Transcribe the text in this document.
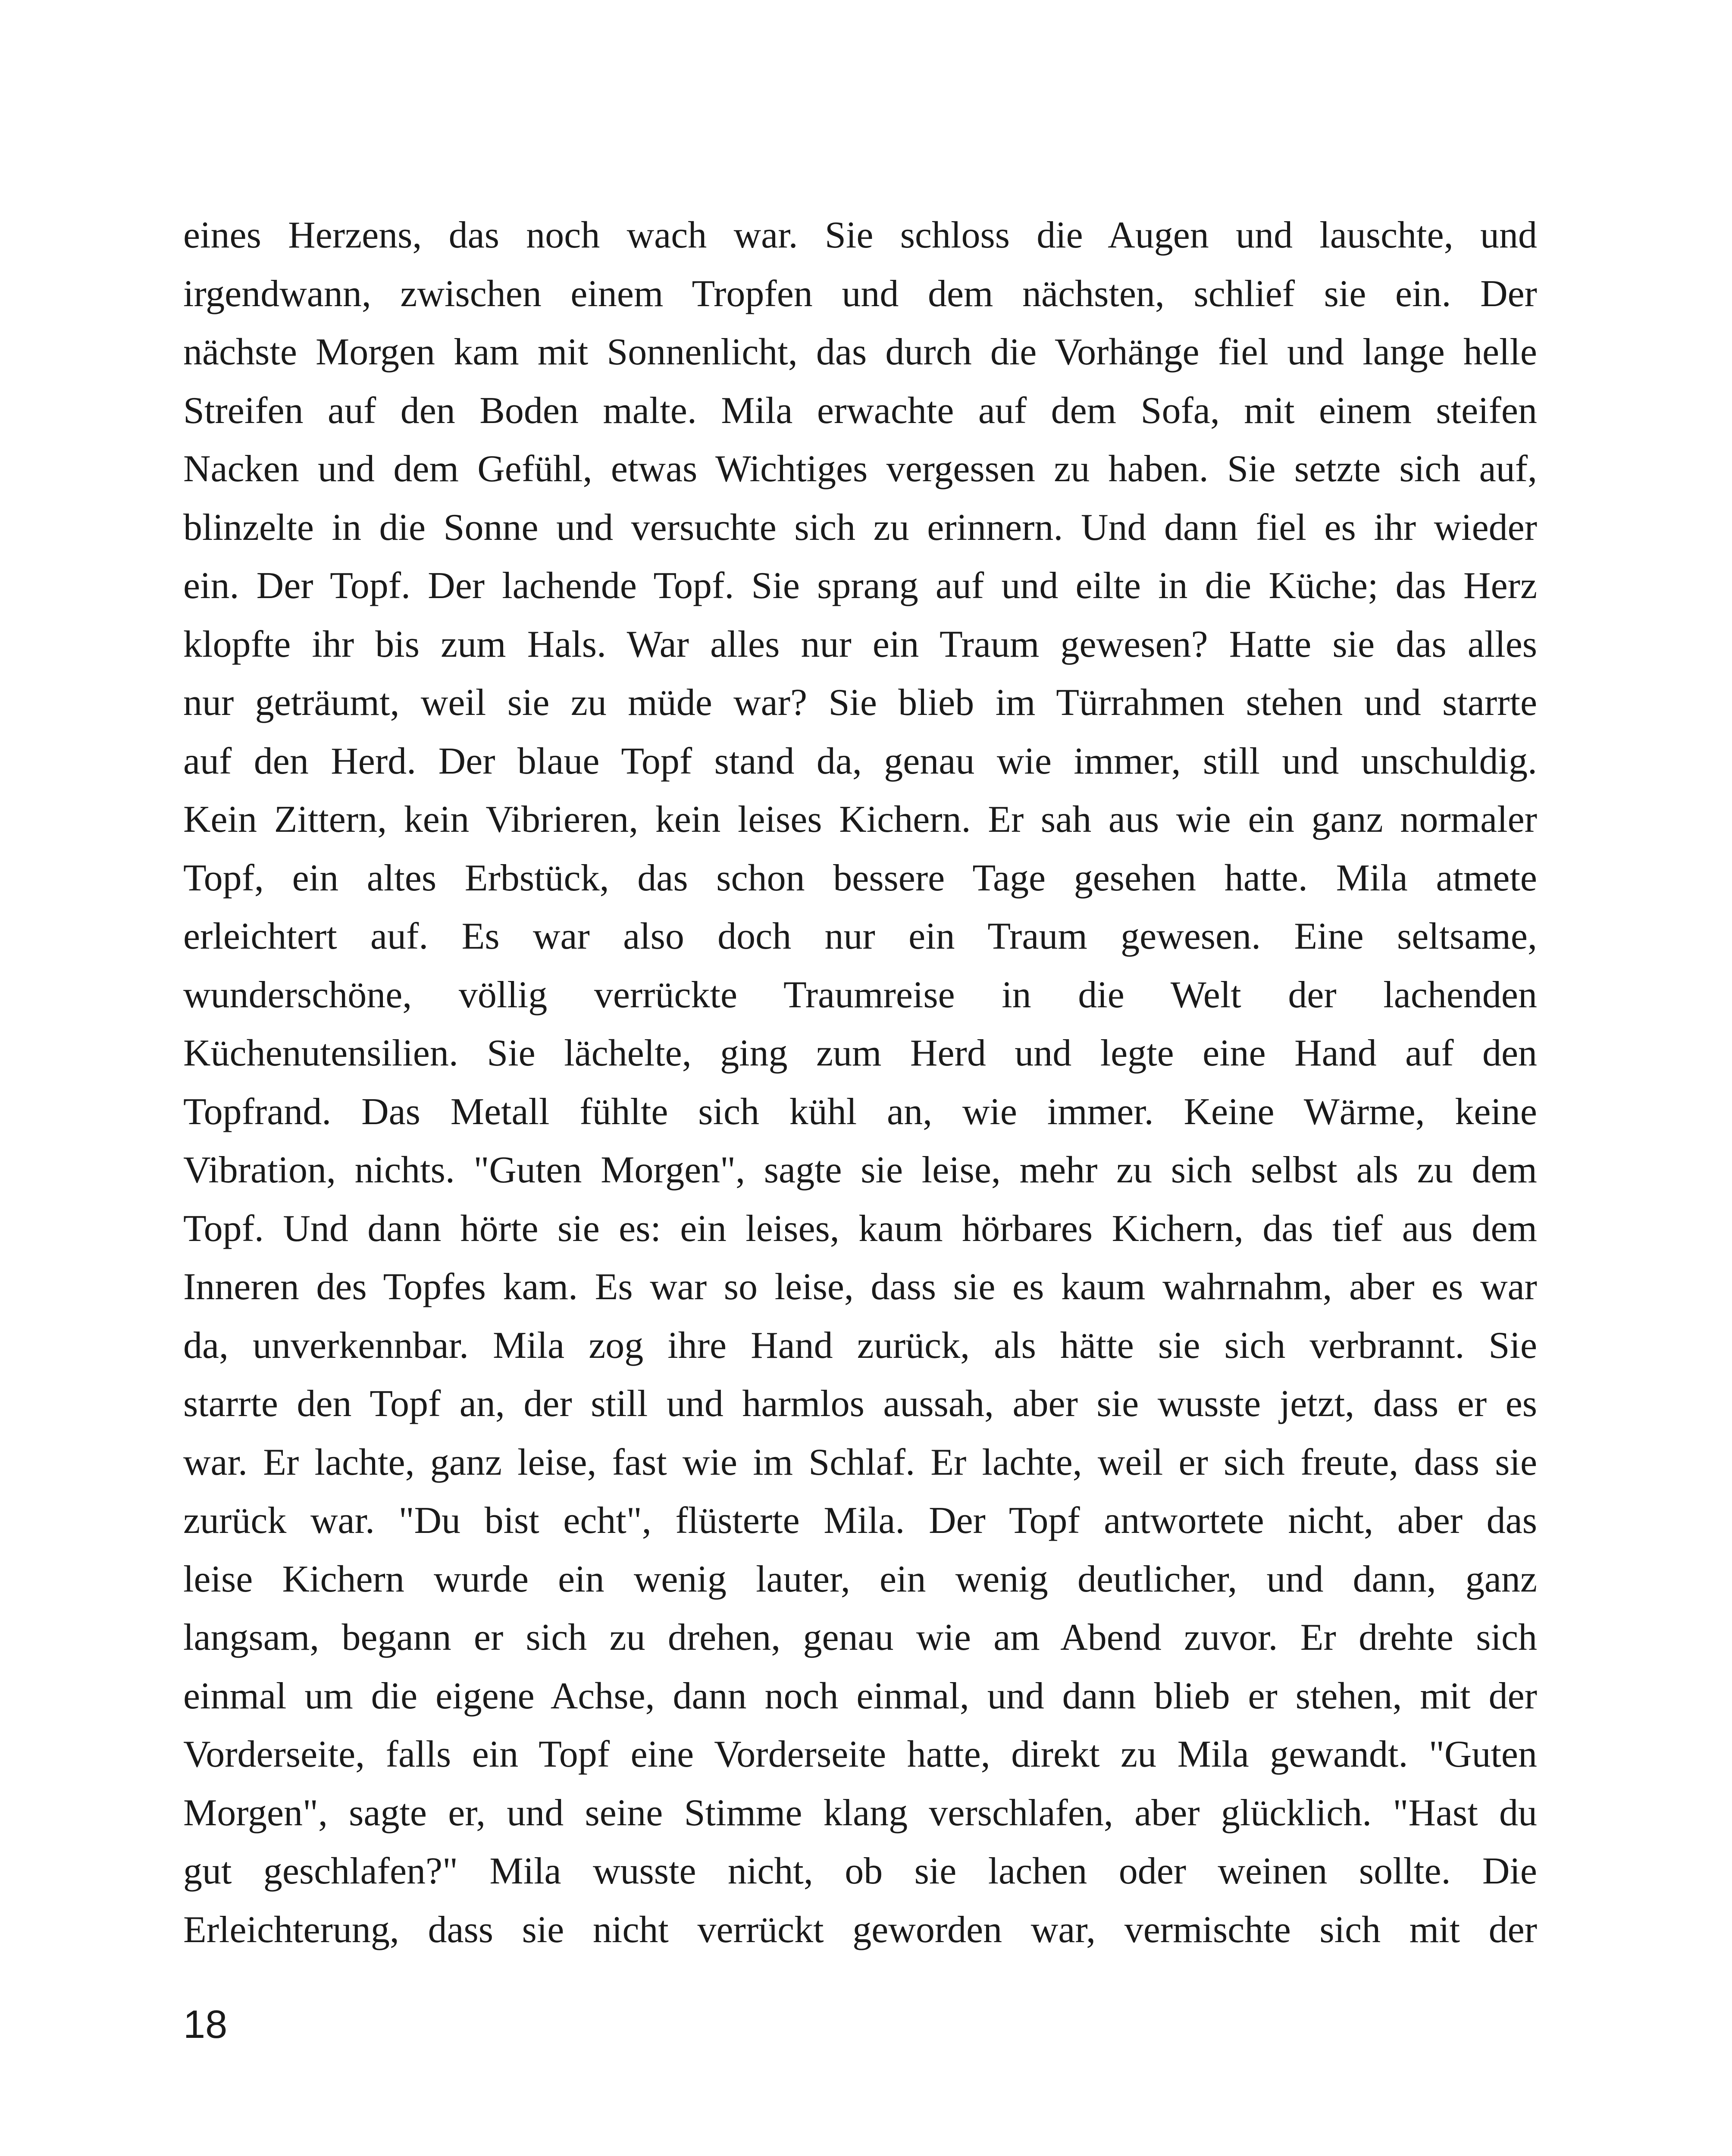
eines Herzens, das noch wach war. Sie schloss die Augen und lauschte, und
irgendwann, zwischen einem Tropfen und dem nächsten, schlief sie ein. Der
nächste Morgen kam mit Sonnenlicht, das durch die Vorhänge fiel und lange helle
Streifen auf den Boden malte. Mila erwachte auf dem Sofa, mit einem steifen
Nacken und dem Gefühl, etwas Wichtiges vergessen zu haben. Sie setzte sich auf,
blinzelte in die Sonne und versuchte sich zu erinnern. Und dann fiel es ihr wieder
ein. Der Topf. Der lachende Topf. Sie sprang auf und eilte in die Küche; das Herz
klopfte ihr bis zum Hals. War alles nur ein Traum gewesen? Hatte sie das alles
nur geträumt, weil sie zu müde war? Sie blieb im Türrahmen stehen und starrte
auf den Herd. Der blaue Topf stand da, genau wie immer, still und unschuldig.
Kein Zittern, kein Vibrieren, kein leises Kichern. Er sah aus wie ein ganz normaler
Topf, ein altes Erbstück, das schon bessere Tage gesehen hatte. Mila atmete
erleichtert auf. Es war also doch nur ein Traum gewesen. Eine seltsame,
wunderschöne, völlig verrückte Traumreise in die Welt der lachenden
Küchenutensilien. Sie lächelte, ging zum Herd und legte eine Hand auf den
Topfrand. Das Metall fühlte sich kühl an, wie immer. Keine Wärme, keine
Vibration, nichts. "Guten Morgen", sagte sie leise, mehr zu sich selbst als zu dem
Topf. Und dann hörte sie es: ein leises, kaum hörbares Kichern, das tief aus dem
Inneren des Topfes kam. Es war so leise, dass sie es kaum wahrnahm, aber es war
da, unverkennbar. Mila zog ihre Hand zurück, als hätte sie sich verbrannt. Sie
starrte den Topf an, der still und harmlos aussah, aber sie wusste jetzt, dass er es
war. Er lachte, ganz leise, fast wie im Schlaf. Er lachte, weil er sich freute, dass sie
zurück war. "Du bist echt", flüsterte Mila. Der Topf antwortete nicht, aber das
leise Kichern wurde ein wenig lauter, ein wenig deutlicher, und dann, ganz
langsam, begann er sich zu drehen, genau wie am Abend zuvor. Er drehte sich
einmal um die eigene Achse, dann noch einmal, und dann blieb er stehen, mit der
Vorderseite, falls ein Topf eine Vorderseite hatte, direkt zu Mila gewandt. "Guten
Morgen", sagte er, und seine Stimme klang verschlafen, aber glücklich. "Hast du
gut geschlafen?" Mila wusste nicht, ob sie lachen oder weinen sollte. Die
Erleichterung, dass sie nicht verrückt geworden war, vermischte sich mit der
18
